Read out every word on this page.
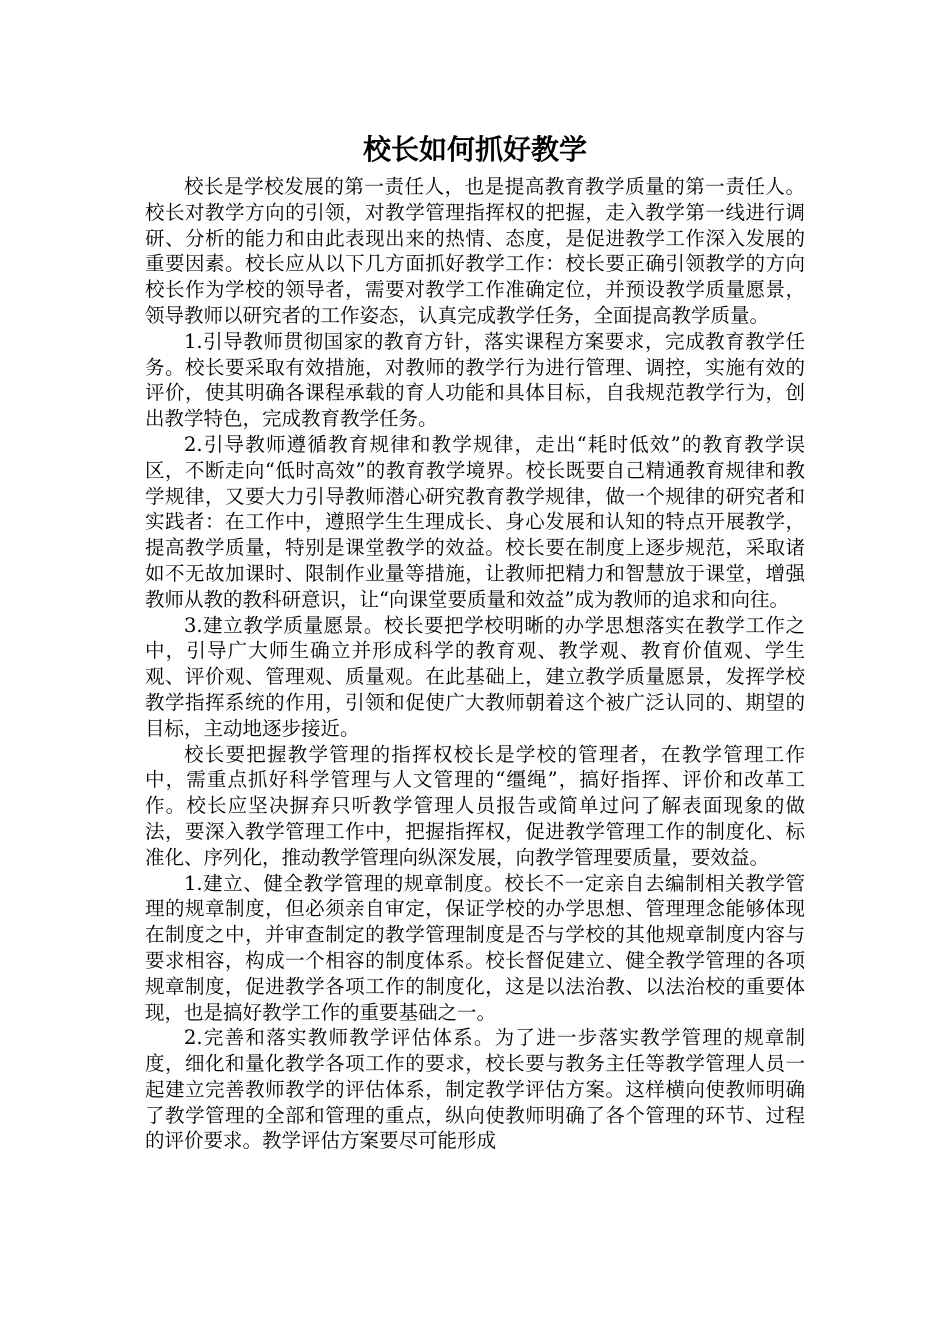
校长如何抓好教学

校长是学校发展的第一责任人，也是提高教育教学质量的第一责任人。校长对教学方向的引领，对教学管理指挥权的把握，走入教学第一线进行调研、分析的能力和由此表现出来的热情、态度，是促进教学工作深入发展的重要因素。校长应从以下几方面抓好教学工作：校长要正确引领教学的方向校长作为学校的领导者，需要对教学工作准确定位，并预设教学质量愿景，领导教师以研究者的工作姿态，认真完成教学任务，全面提高教学质量。

1.引导教师贯彻国家的教育方针，落实课程方案要求，完成教育教学任务。校长要采取有效措施，对教师的教学行为进行管理、调控，实施有效的评价，使其明确各课程承载的育人功能和具体目标，自我规范教学行为，创出教学特色，完成教育教学任务。

2.引导教师遵循教育规律和教学规律，走出“耗时低效”的教育教学误区，不断走向“低时高效”的教育教学境界。校长既要自己精通教育规律和教学规律，又要大力引导教师潜心研究教育教学规律，做一个规律的研究者和实践者：在工作中，遵照学生生理成长、身心发展和认知的特点开展教学，提高教学质量，特别是课堂教学的效益。校长要在制度上逐步规范，采取诸如不无故加课时、限制作业量等措施，让教师把精力和智慧放于课堂，增强教师从教的教科研意识，让“向课堂要质量和效益”成为教师的追求和向往。

3.建立教学质量愿景。校长要把学校明晰的办学思想落实在教学工作之中，引导广大师生确立并形成科学的教育观、教学观、教育价值观、学生观、评价观、管理观、质量观。在此基础上，建立教学质量愿景，发挥学校教学指挥系统的作用，引领和促使广大教师朝着这个被广泛认同的、期望的目标，主动地逐步接近。

校长要把握教学管理的指挥权校长是学校的管理者，在教学管理工作中，需重点抓好科学管理与人文管理的“缰绳”，搞好指挥、评价和改革工作。校长应坚决摒弃只听教学管理人员报告或简单过问了解表面现象的做法，要深入教学管理工作中，把握指挥权，促进教学管理工作的制度化、标准化、序列化，推动教学管理向纵深发展，向教学管理要质量，要效益。

1.建立、健全教学管理的规章制度。校长不一定亲自去编制相关教学管理的规章制度，但必须亲自审定，保证学校的办学思想、管理理念能够体现在制度之中，并审查制定的教学管理制度是否与学校的其他规章制度内容与要求相容，构成一个相容的制度体系。校长督促建立、健全教学管理的各项规章制度，促进教学各项工作的制度化，这是以法治教、以法治校的重要体现，也是搞好教学工作的重要基础之一。

2.完善和落实教师教学评估体系。为了进一步落实教学管理的规章制度，细化和量化教学各项工作的要求，校长要与教务主任等教学管理人员一起建立完善教师教学的评估体系，制定教学评估方案。这样横向使教师明确了教学管理的全部和管理的重点，纵向使教师明确了各个管理的环节、过程的评价要求。教学评估方案要尽可能形成
